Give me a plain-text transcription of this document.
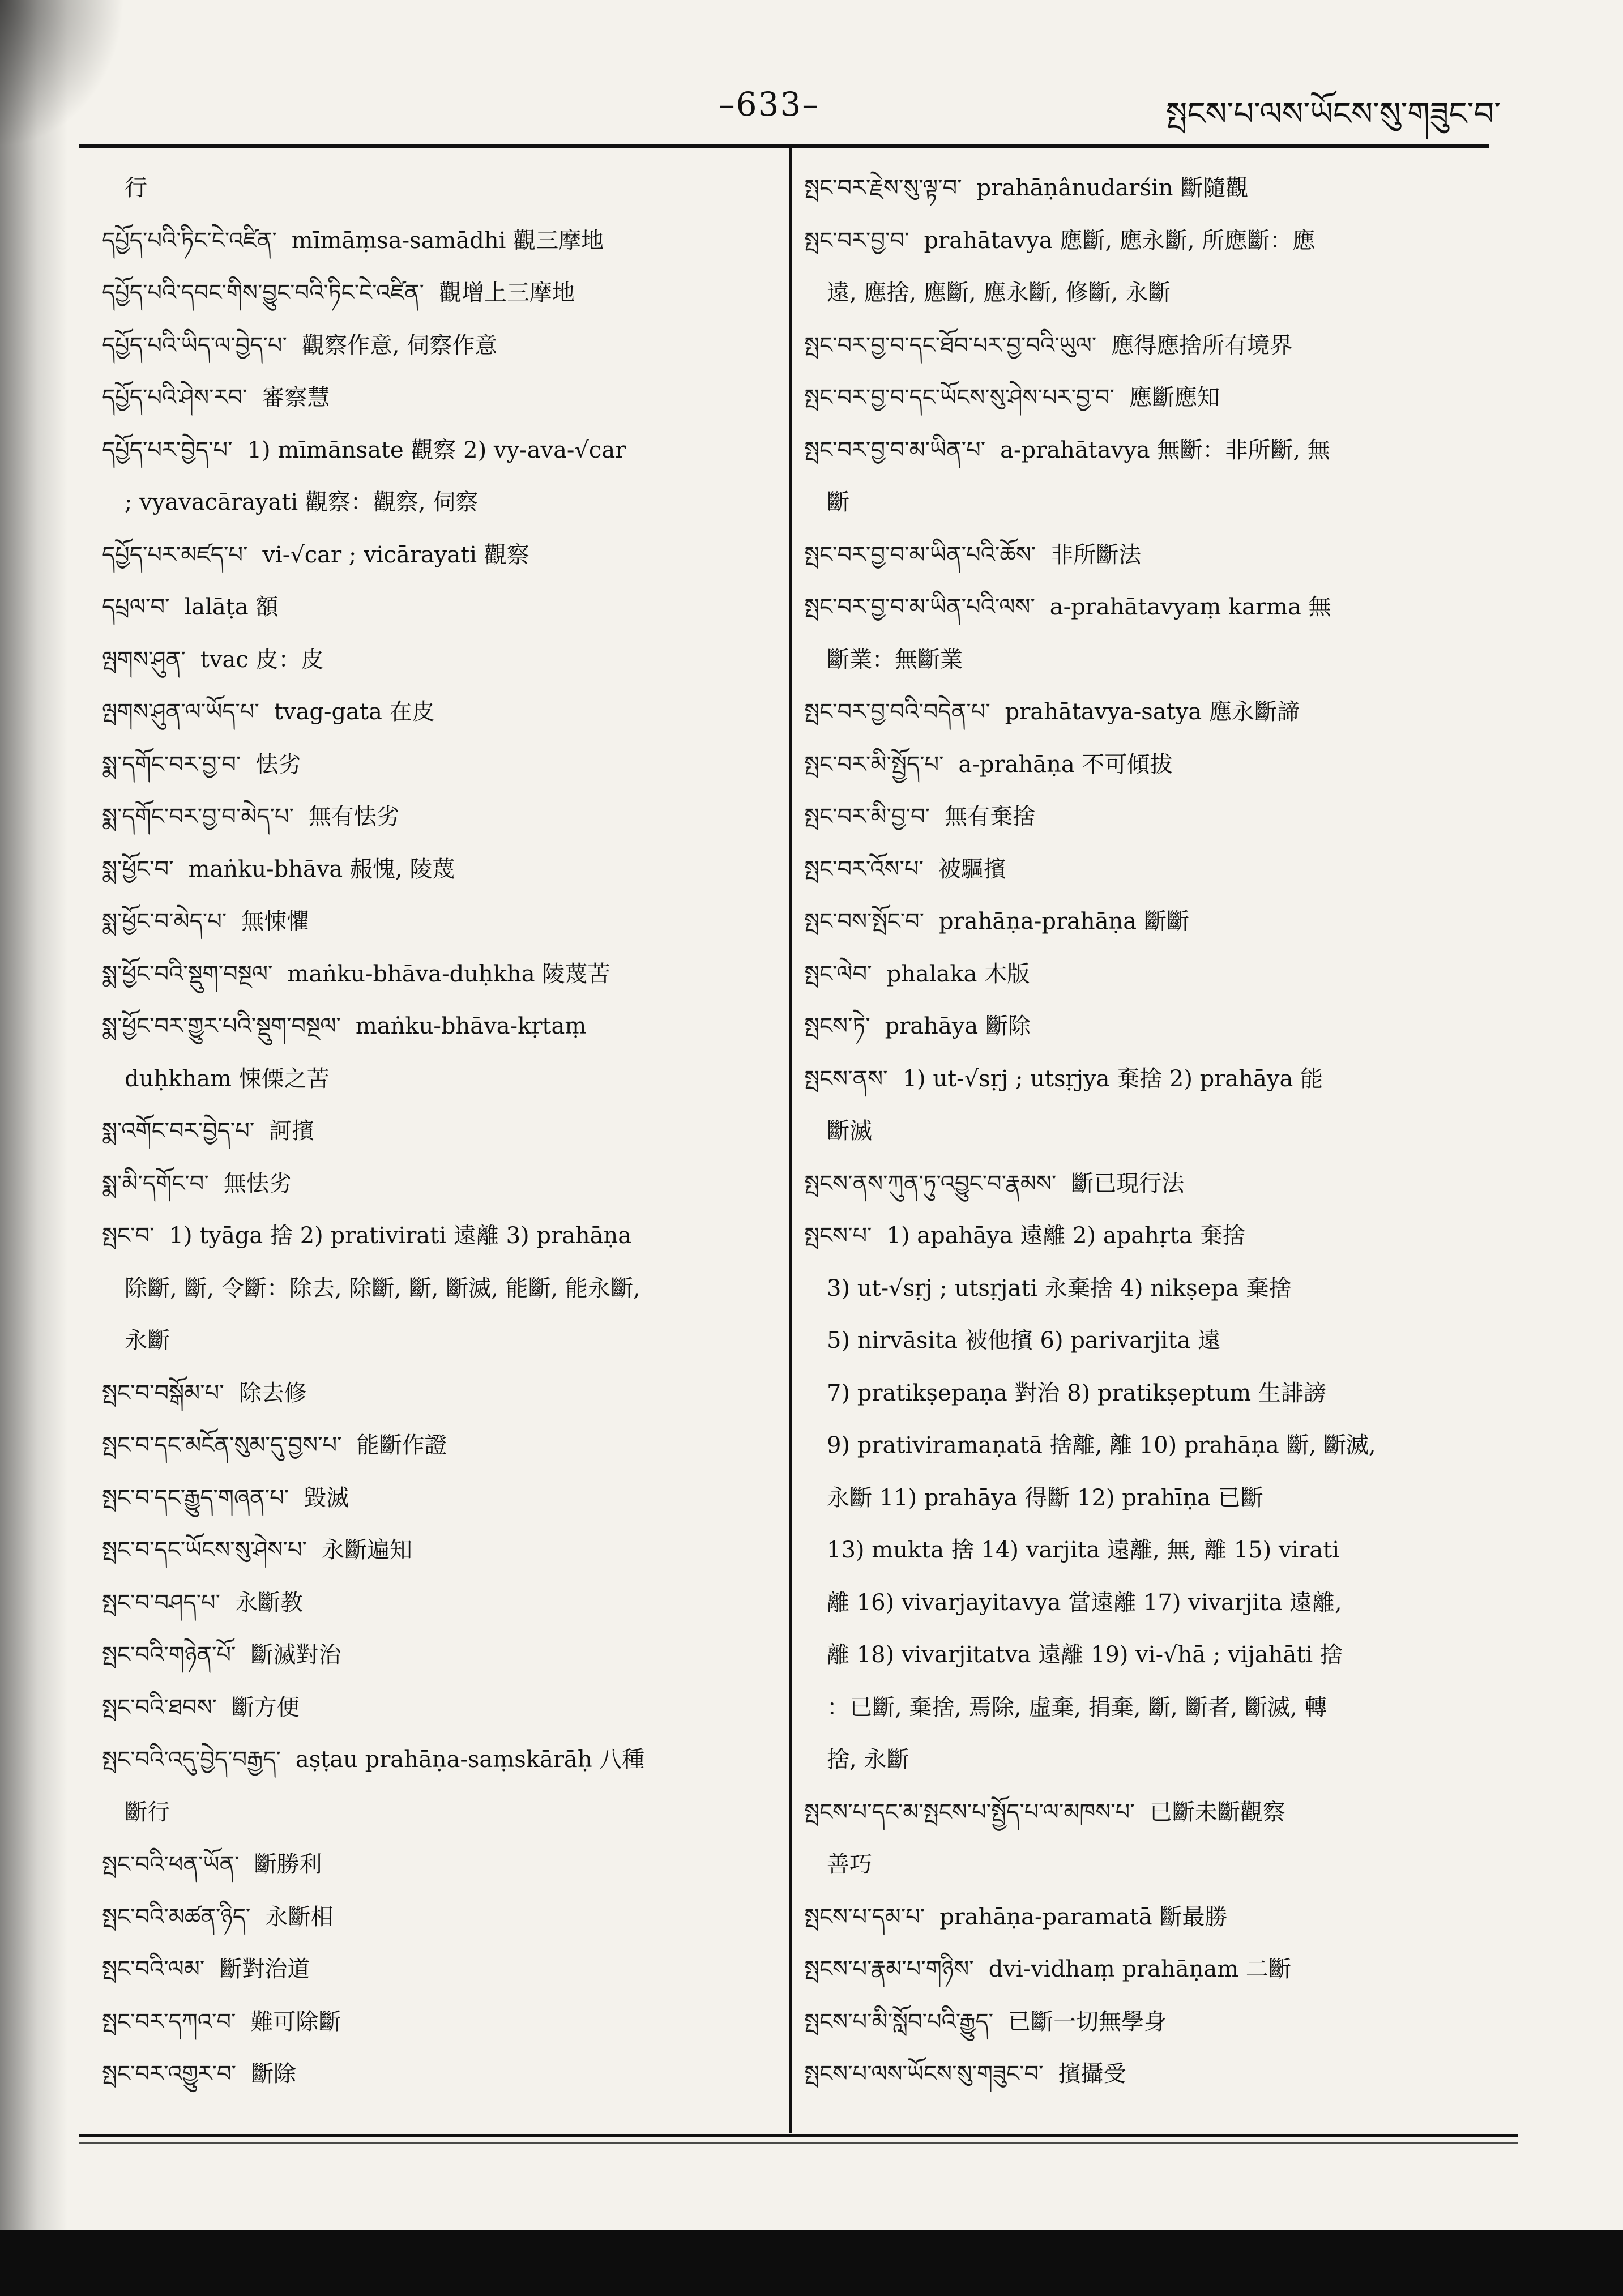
–633–	སྤངས་པ་ལས་ཡོངས་སུ་གཟུང་བ་
行
དཔྱོད་པའི་ཏིང་ངེ་འཛིན་ mīmāṃsa-samādhi 觀三摩地
དཔྱོད་པའི་དབང་གིས་བྱུང་བའི་ཏིང་ངེ་འཛིན་ 觀增上三摩地
དཔྱོད་པའི་ཡིད་ལ་བྱེད་པ་ 觀察作意, 伺察作意
དཔྱོད་པའི་ཤེས་རབ་ 審察慧
དཔྱོད་པར་བྱེད་པ་ 1) mīmānsate 觀察 2) vy-ava-√car
; vyavacārayati 觀察：觀察, 伺察
དཔྱོད་པར་མཛད་པ་ vi-√car ; vicārayati 觀察
དཔྲལ་བ་ lalāṭa 額
ལྤགས་ཤུན་ tvac 皮：皮
ལྤགས་ཤུན་ལ་ཡོད་པ་ tvag-gata 在皮
སྨ་དགོང་བར་བྱ་བ་ 怯劣
སྨ་དགོང་བར་བྱ་བ་མེད་པ་ 無有怯劣
སྨ་ཕྱོང་བ་ maṅku-bhāva 赧愧, 陵蔑
སྨ་ཕྱོང་བ་མེད་པ་ 無悚懼
སྨ་ཕྱོང་བའི་སྡུག་བསྔལ་ maṅku-bhāva-duḥkha 陵蔑苦
སྨ་ཕྱོང་བར་གྱུར་པའི་སྡུག་བསྔལ་ maṅku-bhāva-kṛtaṃ
duḥkham 悚傈之苦
སྨ་འགོང་བར་བྱེད་པ་ 訶擯
སྨ་མི་དགོང་བ་ 無怯劣
སྤང་བ་ 1) tyāga 捨 2) prativirati 遠離 3) prahāṇa
除斷, 斷, 令斷：除去, 除斷, 斷, 斷滅, 能斷, 能永斷,
永斷
སྤང་བ་བསྒོམ་པ་ 除去修
སྤང་བ་དང་མངོན་སུམ་དུ་བྱས་པ་ 能斷作證
སྤང་བ་དང་རྒྱུད་གཞན་པ་ 毀滅
སྤང་བ་དང་ཡོངས་སུ་ཤེས་པ་ 永斷遍知
སྤང་བ་བཤད་པ་ 永斷教
སྤང་བའི་གཉེན་པོ་ 斷滅對治
སྤང་བའི་ཐབས་ 斷方便
སྤང་བའི་འདུ་བྱེད་བརྒྱད་ aṣṭau prahāṇa-saṃskārāḥ 八種
斷行
སྤང་བའི་ཕན་ཡོན་ 斷勝利
སྤང་བའི་མཚན་ཉིད་ 永斷相
སྤང་བའི་ལམ་ 斷對治道
སྤང་བར་དཀའ་བ་ 難可除斷
སྤང་བར་འགྱུར་བ་ 斷除
སྤང་བར་རྗེས་སུ་ལྟ་བ་ prahāṇânudarśin 斷隨觀
སྤང་བར་བྱ་བ་ prahātavya 應斷, 應永斷, 所應斷：應
遠, 應捨, 應斷, 應永斷, 修斷, 永斷
སྤང་བར་བྱ་བ་དང་ཐོབ་པར་བྱ་བའི་ཡུལ་ 應得應捨所有境界
སྤང་བར་བྱ་བ་དང་ཡོངས་སུ་ཤེས་པར་བྱ་བ་ 應斷應知
སྤང་བར་བྱ་བ་མ་ཡིན་པ་ a-prahātavya 無斷：非所斷, 無
斷
སྤང་བར་བྱ་བ་མ་ཡིན་པའི་ཆོས་ 非所斷法
སྤང་བར་བྱ་བ་མ་ཡིན་པའི་ལས་ a-prahātavyaṃ karma 無
斷業：無斷業
སྤང་བར་བྱ་བའི་བདེན་པ་ prahātavya-satya 應永斷諦
སྤང་བར་མི་སྤྱོད་པ་ a-prahāṇa 不可傾拔
སྤང་བར་མི་བྱ་བ་ 無有棄捨
སྤང་བར་འོས་པ་ 被驅擯
སྤང་བས་སྤོང་བ་ prahāṇa-prahāṇa 斷斷
སྤང་ལེབ་ phalaka 木版
སྤངས་ཏེ་ prahāya 斷除
སྤངས་ནས་ 1) ut-√sṛj ; utsṛjya 棄捨 2) prahāya 能
斷滅
སྤངས་ནས་ཀུན་ཏུ་འབྱུང་བ་རྣམས་ 斷已現行法
སྤངས་པ་ 1) apahāya 遠離 2) apahṛta 棄捨
3) ut-√sṛj ; utsṛjati 永棄捨 4) nikṣepa 棄捨
5) nirvāsita 被他擯 6) parivarjita 遠
7) pratikṣepaṇa 對治 8) pratikṣeptum 生誹謗
9) prativiramaṇatā 捨離, 離 10) prahāṇa 斷, 斷滅,
永斷 11) prahāya 得斷 12) prahīṇa 已斷
13) mukta 捨 14) varjita 遠離, 無, 離 15) virati
離 16) vivarjayitavya 當遠離 17) vivarjita 遠離,
離 18) vivarjitatva 遠離 19) vi-√hā ; vijahāti 捨
：已斷, 棄捨, 焉除, 虛棄, 捐棄, 斷, 斷者, 斷滅, 轉
捨, 永斷
སྤངས་པ་དང་མ་སྤངས་པ་སྤྱོད་པ་ལ་མཁས་པ་ 已斷未斷觀察
善巧
སྤངས་པ་དམ་པ་ prahāṇa-paramatā 斷最勝
སྤངས་པ་རྣམ་པ་གཉིས་ dvi-vidhaṃ prahāṇam 二斷
སྤངས་པ་མི་སློབ་པའི་རྒྱུད་ 已斷一切無學身
སྤངས་པ་ལས་ཡོངས་སུ་གཟུང་བ་ 擯攝受
